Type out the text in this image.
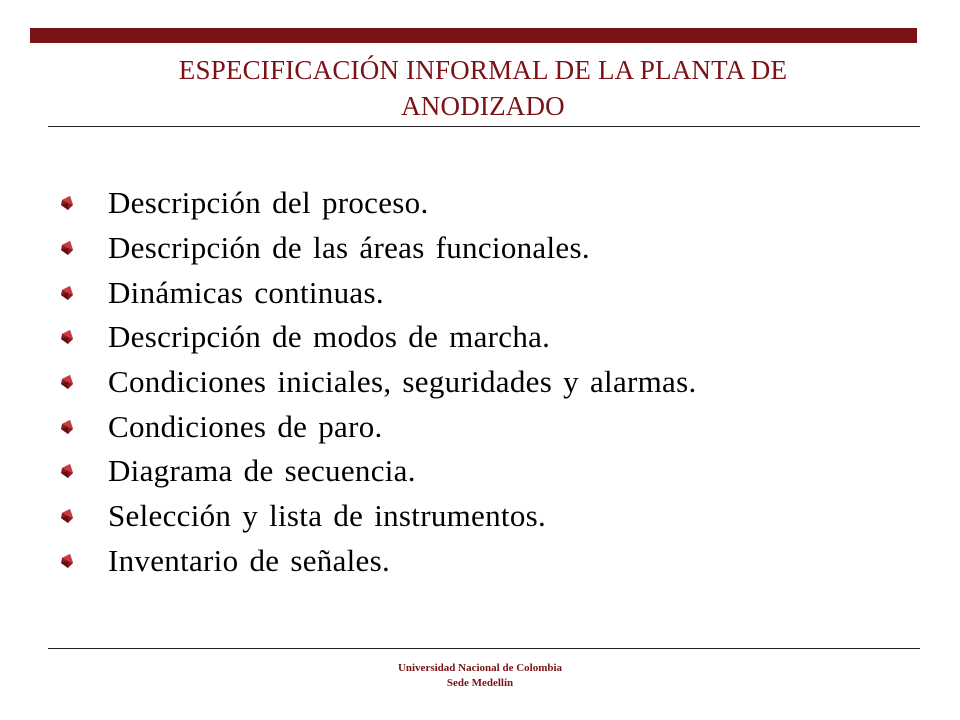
ESPECIFICACIÓN INFORMAL DE LA PLANTA DE
ANODIZADO
Descripción del proceso.
Descripción de las áreas funcionales.
Dinámicas continuas.
Descripción de modos de marcha.
Condiciones iniciales, seguridades y alarmas.
Condiciones de paro.
Diagrama de secuencia.
Selección y lista de instrumentos.
Inventario de señales.
Universidad Nacional de Colombia
Sede Medellín
